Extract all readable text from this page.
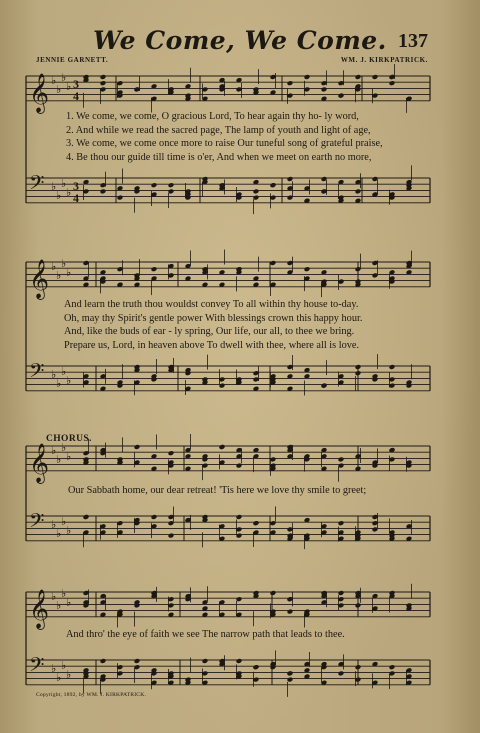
We Come, We Come. 137
JENNIE GARNETT.	WM. J. KIRKPATRICK.
𝄞 ♭
♭
♭
♭
𝄢 ♭
♭
♭
♭
𝄞 ♭
♭
♭
♭
𝄢 ♭
♭
♭
♭
𝄞 ♭
♭
♭
♭
𝄢 ♭
♭
♭
♭
𝄞 ♭
♭
♭
♭
𝄢 ♭
♭
♭
♭
3
4
3
4
1. We come, we come, O gracious Lord, To hear again thy ho- ly word,
2. And while we read the sacred page, The lamp of youth and light of age,
3. We come, we come once more to raise Our tuneful song of grateful praise,
4. Be thou our guide till time is o'er, And when we meet on earth no more,
And learn the truth thou wouldst convey To all within thy house to-day.
Oh, may thy Spirit's gentle power With blessings crown this happy hour.
And, like the buds of ear - ly spring, Our life, our all, to thee we bring.
Prepare us, Lord, in heaven above To dwell with thee, where all is love.
CHORUS.
Our Sabbath home, our dear retreat! 'Tis here we love thy smile to greet;
And thro' the eye of faith we see The narrow path that leads to thee.
Copyright, 1892, by WM. J. KIRKPATRICK.
